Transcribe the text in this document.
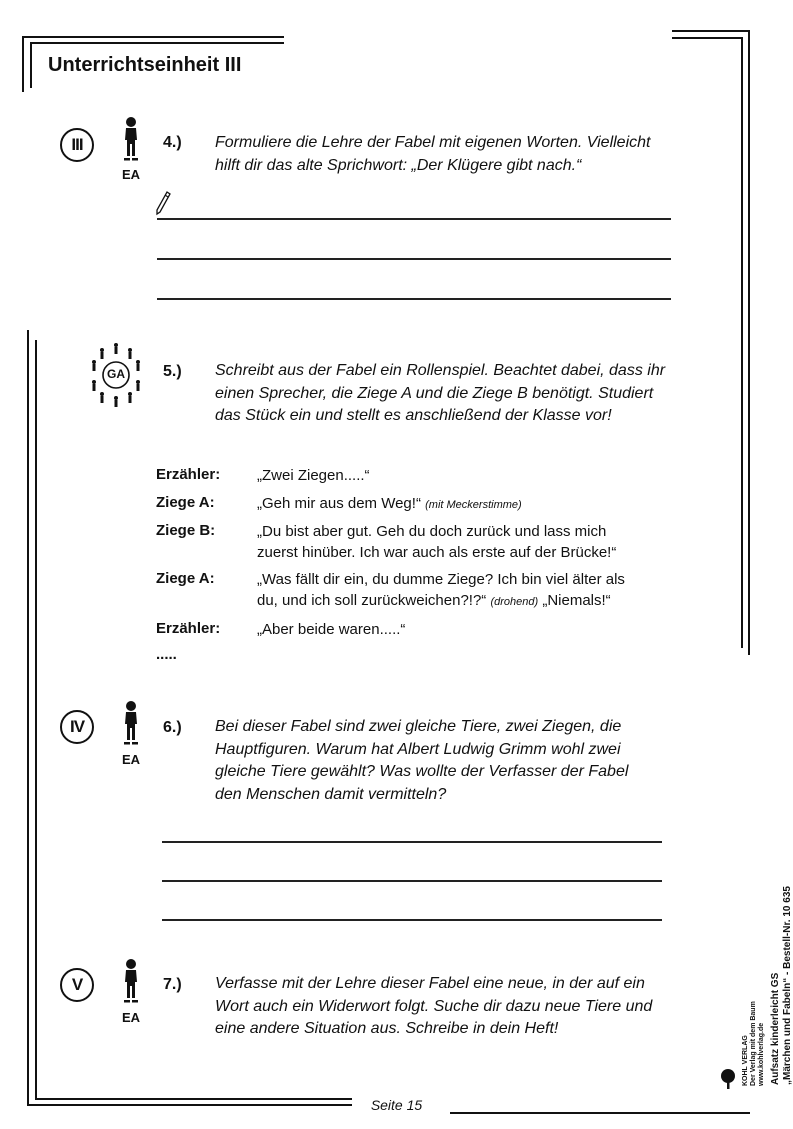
Unterrichtseinheit III
III
EA
4.) Formuliere die Lehre der Fabel mit eigenen Worten. Vielleicht
hilft dir das alte Sprichwort: „Der Klügere gibt nach.“
GA 5.) Schreibt aus der Fabel ein Rollenspiel. Beachtet dabei, dass ihr
einen Sprecher, die Ziege A und die Ziege B benötigt. Studiert
das Stück ein und stellt es anschließend der Klasse vor!
Erzähler: „Zwei Ziegen.....“
Ziege A:	„Geh mir aus dem Weg!“ (mit Meckerstimme)
Ziege B:	„Du bist aber gut. Geh du doch zurück und lass mich
zuerst hinüber. Ich war auch als erste auf der Brücke!“
Ziege A:	„Was fällt dir ein, du dumme Ziege? Ich bin viel älter als
du, und ich soll zurückweichen?!?“ (drohend) „Niemals!“
Erzähler: „Aber beide waren.....“
.....
IV
EA
6.) Bei dieser Fabel sind zwei gleiche Tiere, zwei Ziegen, die
Hauptfiguren. Warum hat Albert Ludwig Grimm wohl zwei
gleiche Tiere gewählt? Was wollte der Verfasser der Fabel
den Menschen damit vermitteln?
V
EA
7.) Verfasse mit der Lehre dieser Fabel eine neue, in der auf ein
Wort auch ein Widerwort folgt. Suche dir dazu neue Tiere und
eine andere Situation aus. Schreibe in dein Heft!	Aufsatz kinderleicht GS „Märchen und Fabeln“ - Bestell-Nr. 10 635
KOHL VERLAG Der Verlag mit dem Baum www.kohlverlag.de
Seite 15
